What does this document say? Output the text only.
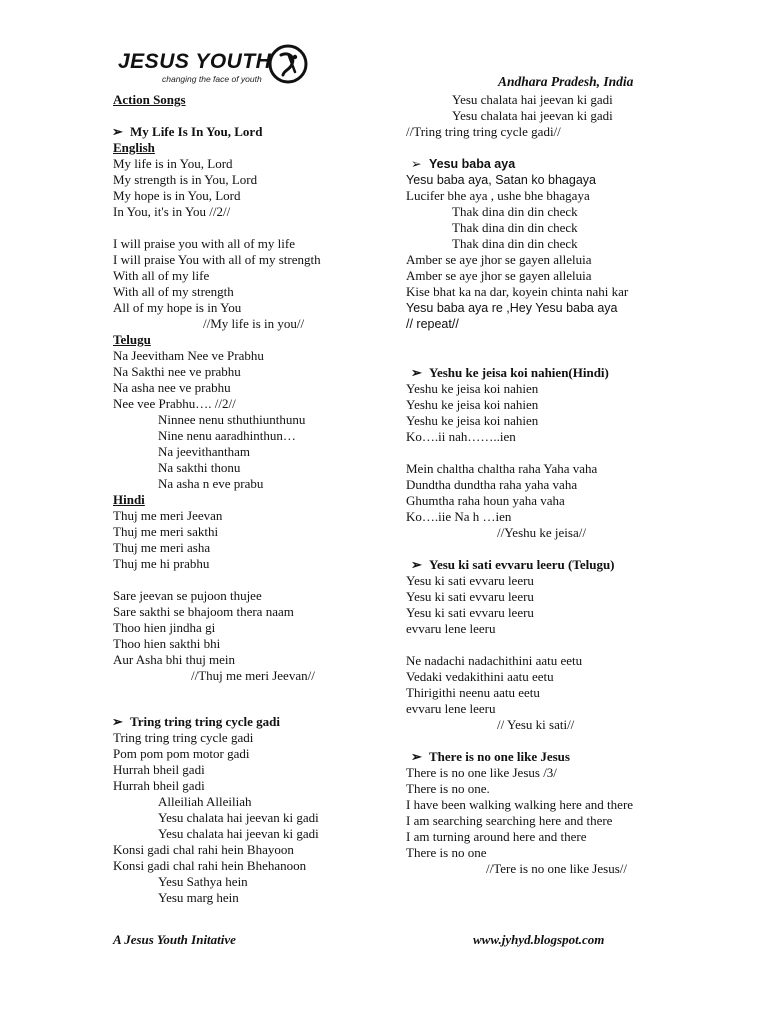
JESUS YOUTH
changing the face of youth	Andhara Pradesh, India
Action Songs
➢ My Life Is In You, Lord
English
My life is in You, Lord
My strength is in You, Lord
My hope is in You, Lord
In You, it's in You //2//
I will praise you with all of my life
I will praise You with all of my strength
With all of my life
With all of my strength
All of my hope is in You
//My life is in you//
Telugu
Na Jeevitham Nee ve Prabhu
Na Sakthi nee ve prabhu
Na asha nee ve prabhu
Nee vee Prabhu…. //2//
Ninnee nenu sthuthiunthunu
Nine nenu aaradhinthun…
Na jeevithantham
Na sakthi thonu
Na asha n eve prabu
Hindi
Thuj me meri Jeevan
Thuj me meri sakthi
Thuj me meri asha
Thuj me hi prabhu
Sare jeevan se pujoon thujee
Sare sakthi se bhajoom thera naam
Thoo hien jindha gi
Thoo hien sakthi bhi
Aur Asha bhi thuj mein
//Thuj me meri Jeevan//
➢ Tring tring tring cycle gadi
Tring tring tring cycle gadi
Pom pom pom motor gadi
Hurrah bheil gadi
Hurrah bheil gadi
Alleiliah Alleiliah
Yesu chalata hai jeevan ki gadi
Yesu chalata hai jeevan ki gadi
Konsi gadi chal rahi hein Bhayoon
Konsi gadi chal rahi hein Bhehanoon
Yesu Sathya hein
Yesu marg hein
Yesu chalata hai jeevan ki gadi
Yesu chalata hai jeevan ki gadi
//Tring tring tring cycle gadi//
➢ Yesu baba aya
Yesu baba aya, Satan ko bhagaya
Lucifer bhe aya , ushe bhe bhagaya
Thak dina din din check
Thak dina din din check
Thak dina din din check
Amber se aye jhor se gayen alleluia
Amber se aye jhor se gayen alleluia
Kise bhat ka na dar, koyein chinta nahi kar
Yesu baba aya re ,Hey Yesu baba aya
// repeat//
➢ Yeshu ke jeisa koi nahien(Hindi)
Yeshu ke jeisa koi nahien
Yeshu ke jeisa koi nahien
Yeshu ke jeisa koi nahien
Ko….ii nah……..ien
Mein chaltha chaltha raha Yaha vaha
Dundtha dundtha raha yaha vaha
Ghumtha raha houn yaha vaha
Ko….iie Na h …ien
//Yeshu ke jeisa//
➢ Yesu ki sati evvaru leeru (Telugu)
Yesu ki sati evvaru leeru
Yesu ki sati evvaru leeru
Yesu ki sati evvaru leeru
evvaru lene leeru
Ne nadachi nadachithini aatu eetu
Vedaki vedakithini aatu eetu
Thirigithi neenu aatu eetu
evvaru lene leeru
// Yesu ki sati//
➢ There is no one like Jesus
There is no one like Jesus /3/
There is no one.
I have been walking walking here and there
I am searching searching here and there
I am turning around here and there
There is no one
//Tere is no one like Jesus//
A Jesus Youth Initative	www.jyhyd.blogspot.com
